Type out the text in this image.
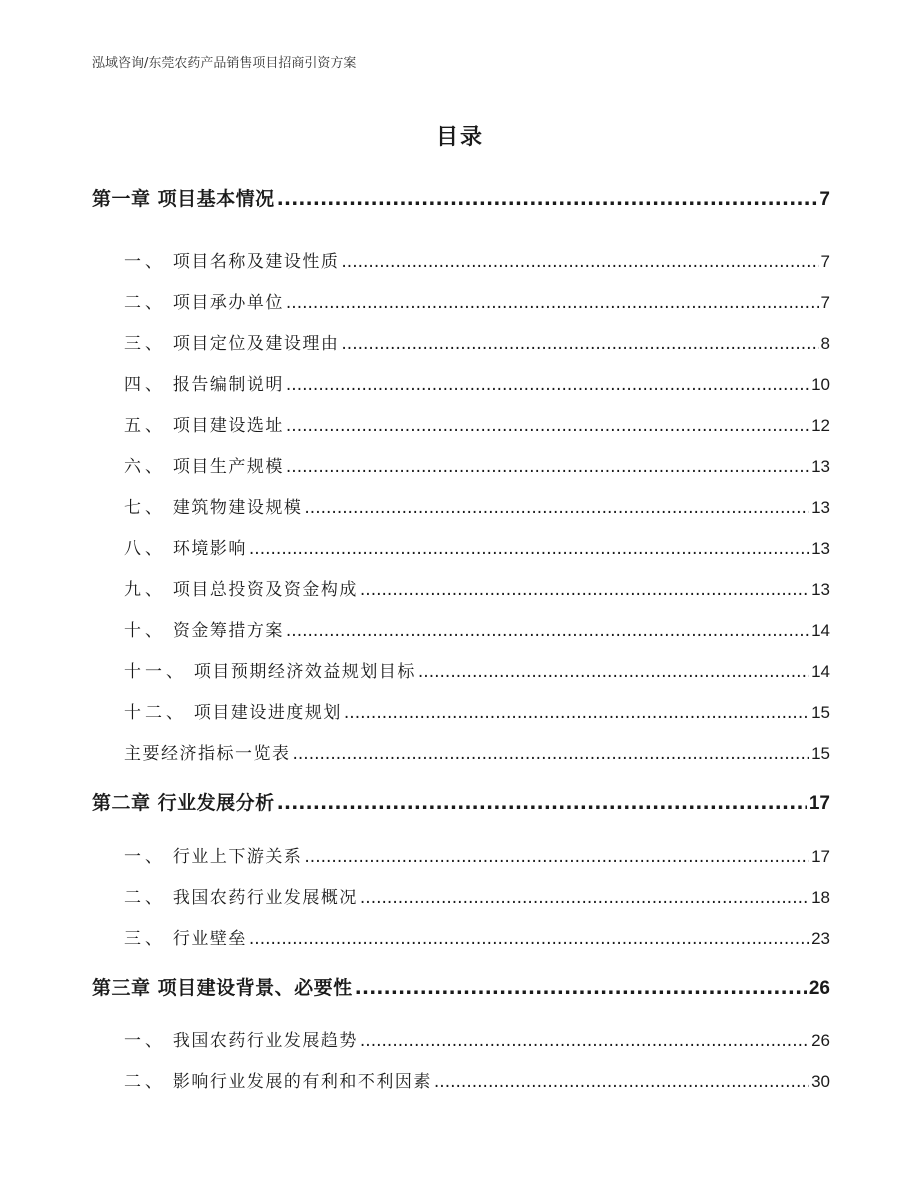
泓域咨询/东莞农药产品销售项目招商引资方案
目录
第一章 项目基本情况 .....	7
一、 项目名称及建设性质 .....	7
二、 项目承办单位 .....	7
三、 项目定位及建设理由 .....	8
四、 报告编制说明 .....	10
五、 项目建设选址 .....	12
六、 项目生产规模 .....	13
七、 建筑物建设规模 .....	13
八、 环境影响 .....	13
九、 项目总投资及资金构成 .....	13
十、 资金筹措方案 .....	14
十一、 项目预期经济效益规划目标 .....	14
十二、 项目建设进度规划 .....	15
主要经济指标一览表 .....	15
第二章 行业发展分析 .....	17
一、 行业上下游关系 .....	17
二、 我国农药行业发展概况 .....	18
三、 行业壁垒 .....	23
第三章 项目建设背景、必要性 .....	26
一、 我国农药行业发展趋势 .....	26
二、 影响行业发展的有利和不利因素 .....	30
